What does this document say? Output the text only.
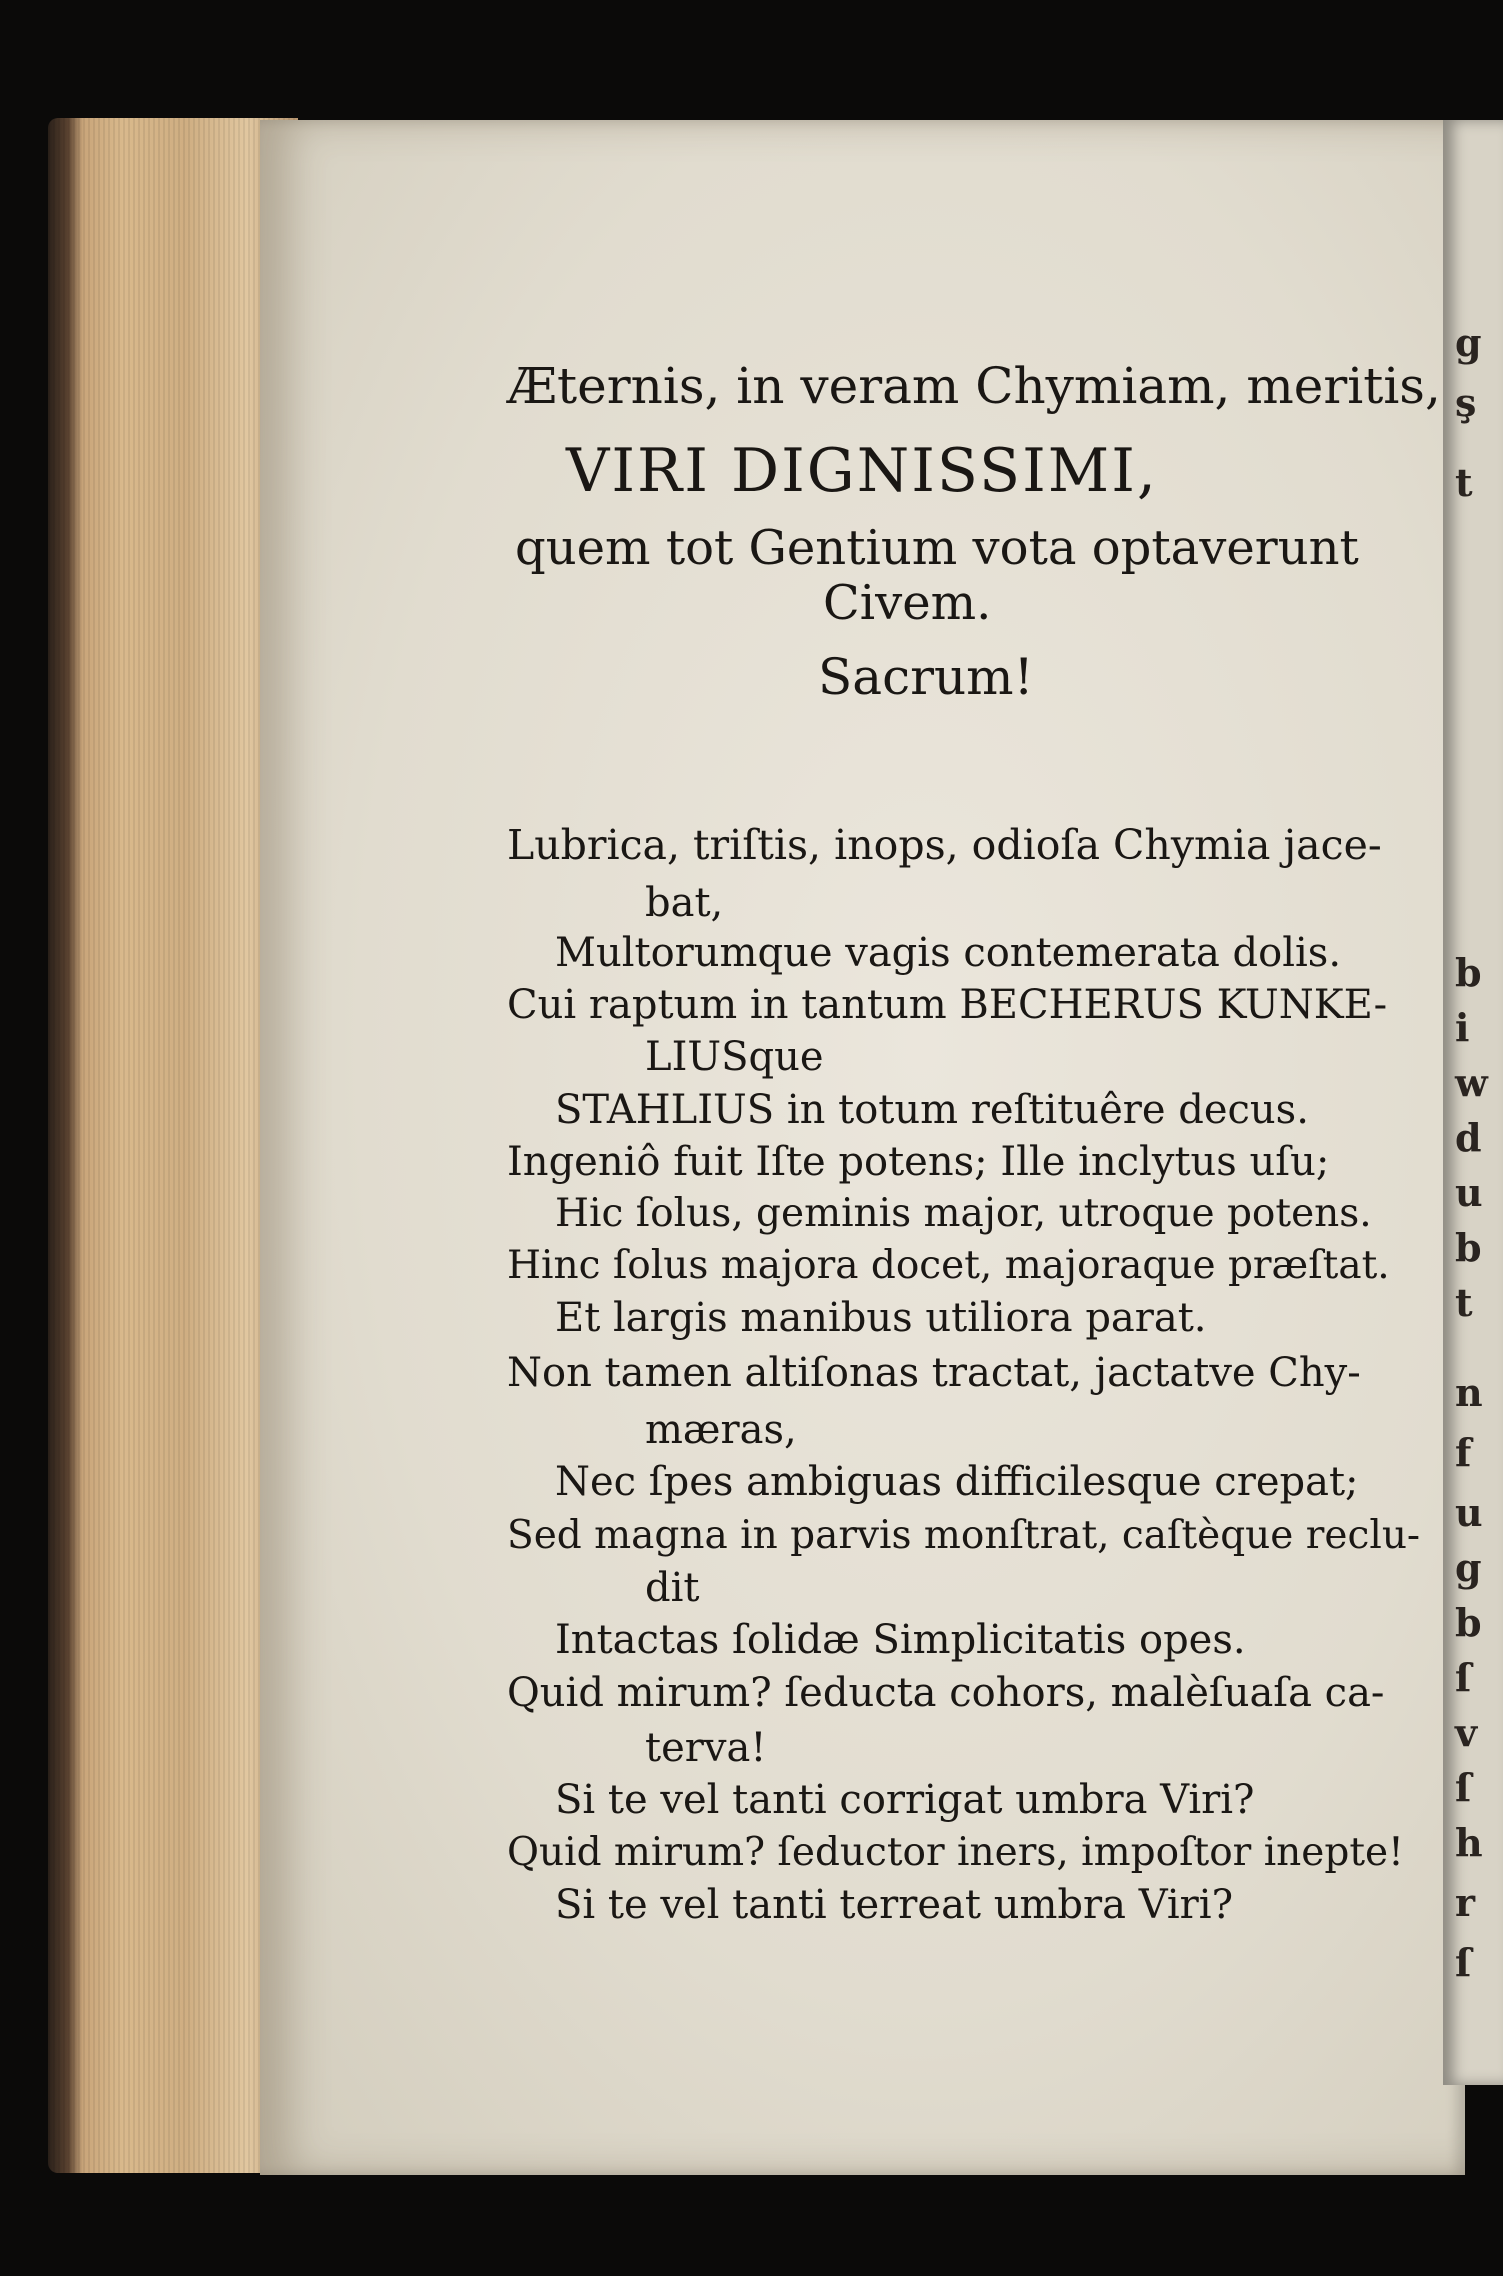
Æternis, in veram Chymiam, meritis,
VIRI DIGNISSIMI,
quem tot Gentium vota optaverunt
Civem.
Sacrum!
Lubrica, triſtis, inops, odioſa Chymia jace-
bat,
Multorumque vagis contemerata dolis.
Cui raptum in tantum BECHERUS KUNKE-
LIUSque
STAHLIUS in totum reſtituêre decus.
Ingeniô fuit Iſte potens; Ille inclytus uſu;
Hic ſolus, geminis major, utroque potens.
Hinc ſolus majora docet, majoraque præſtat.
Et largis manibus utiliora parat.
Non tamen altiſonas tractat, jactatve Chy-
mæras,
Nec ſpes ambiguas difficilesque crepat;
Sed magna in parvis monſtrat, caſtèque reclu-
dit
Intactas ſolidæ Simplicitatis opes.
Quid mirum? ſeducta cohors, malèſuaſa ca-
terva!
Si te vel tanti corrigat umbra Viri?
Quid mirum? ſeductor iners, impoſtor inepte!
Si te vel tanti terreat umbra Viri?
g
ş
t
b
i
w
d
u
b
t
n
f
u
g
b
ſ
v
ſ
h
r
ſ
